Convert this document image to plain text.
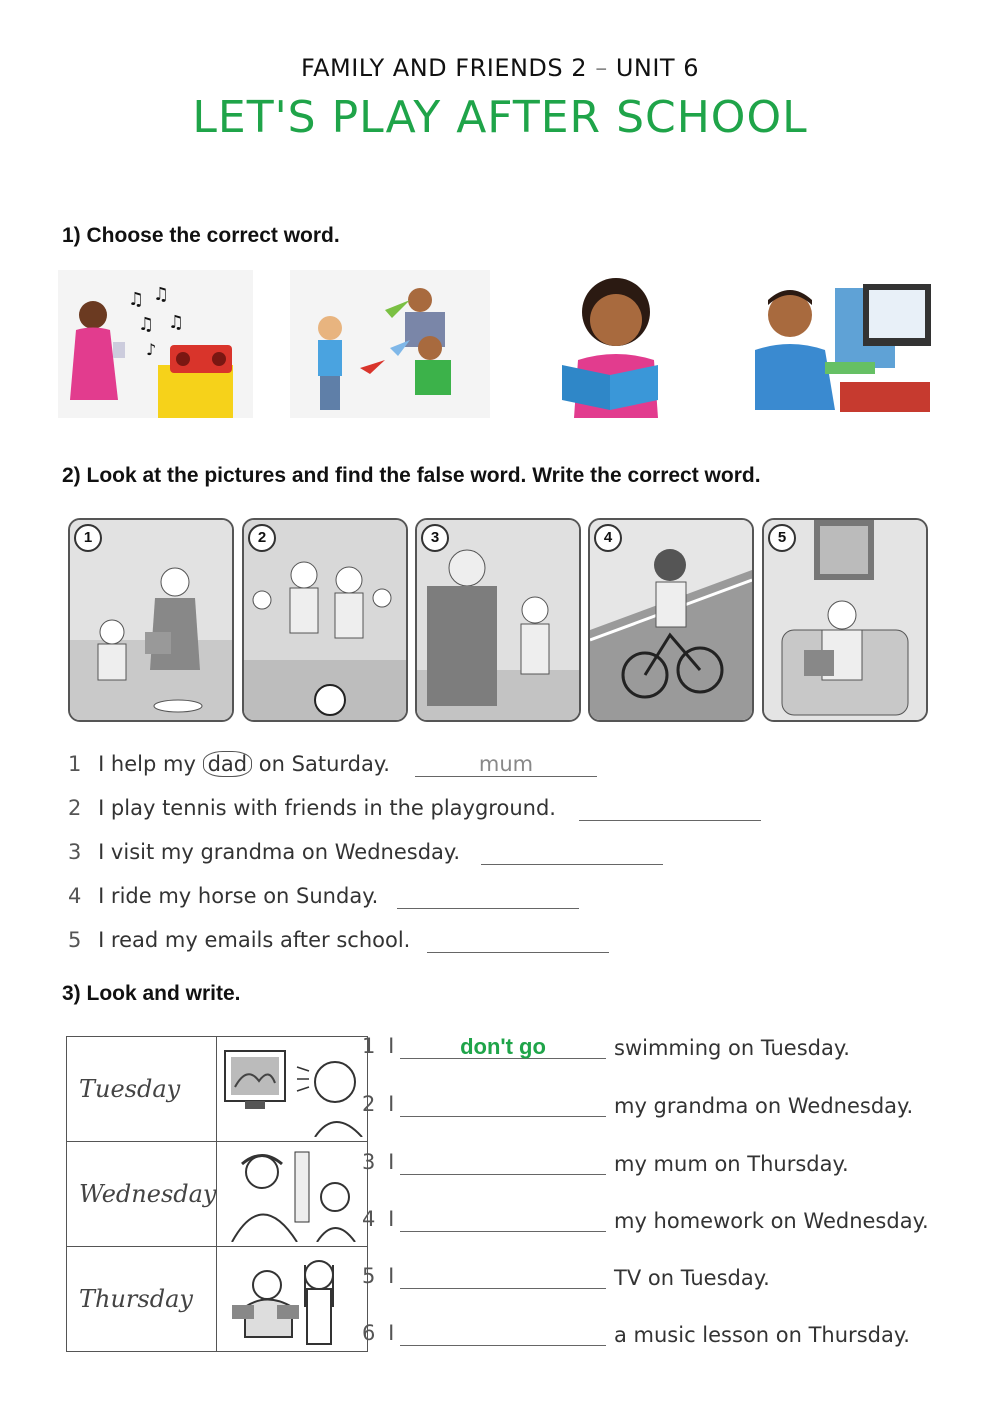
FAMILY AND FRIENDS 2 – UNIT 6
LET'S PLAY AFTER SCHOOL
1) Choose the correct word.
♫ ♫
♫ ♫
♪
2) Look at the pictures and find the false word. Write the correct word.
1	2	3	4	5
1 I help my dad on Saturday.	mum
2 I play tennis with friends in the playground.
3 I visit my grandma on Wednesday.
4 I ride my horse on Sunday.
5 I read my emails after school.
3) Look and write.
Tuesday	
Wednesday	
Thursday	
1 I	don't go	swimming on Tuesday.
2 I	my grandma on Wednesday.
3 I	my mum on Thursday.
4 I	my homework on Wednesday.
5 I	TV on Tuesday.
6 I	a music lesson on Thursday.
